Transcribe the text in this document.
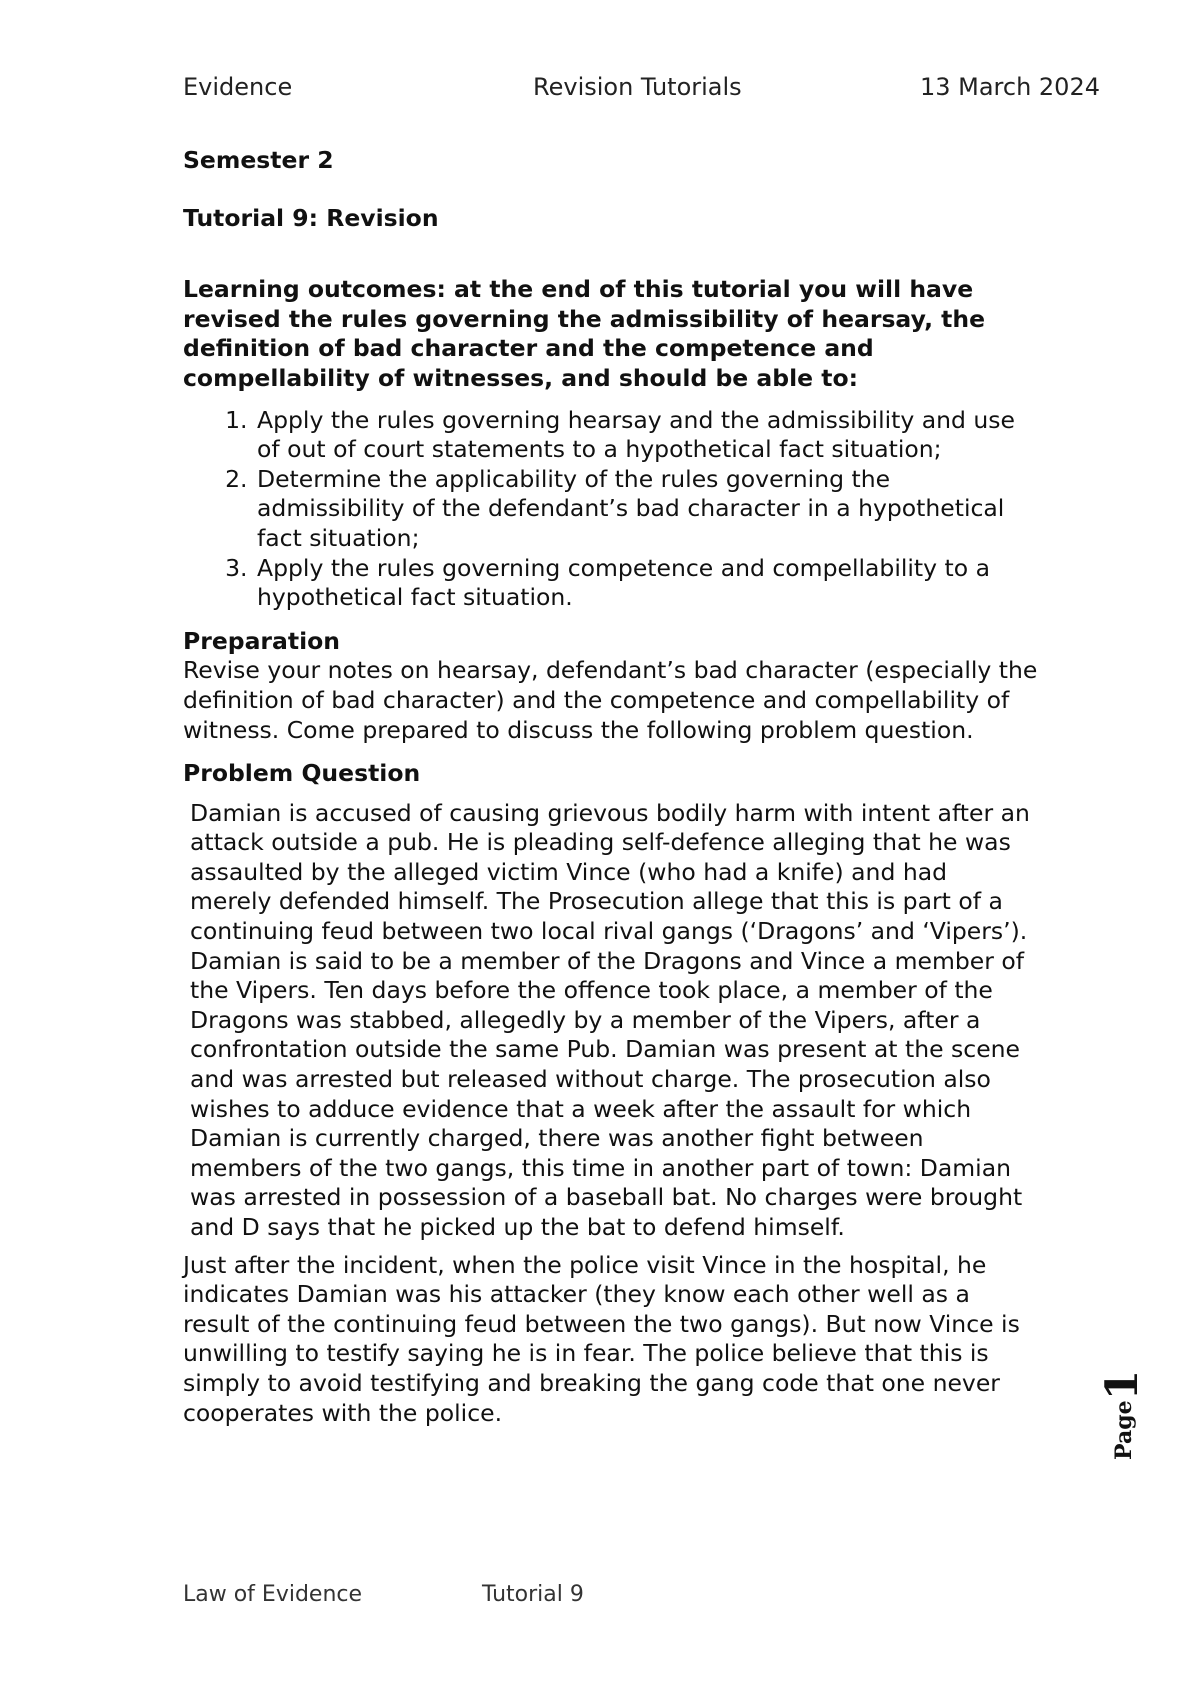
Evidence	Revision Tutorials	13 March 2024

Semester 2

Tutorial 9: Revision

Learning outcomes: at the end of this tutorial you will have revised the rules governing the admissibility of hearsay, the definition of bad character and the competence and compellability of witnesses, and should be able to:

1. Apply the rules governing hearsay and the admissibility and use of out of court statements to a hypothetical fact situation;
2. Determine the applicability of the rules governing the admissibility of the defendant’s bad character in a hypothetical fact situation;
3. Apply the rules governing competence and compellability to a hypothetical fact situation.

Preparation

Revise your notes on hearsay, defendant’s bad character (especially the definition of bad character) and the competence and compellability of witness. Come prepared to discuss the following problem question.

Problem Question

Damian is accused of causing grievous bodily harm with intent after an attack outside a pub. He is pleading self-defence alleging that he was assaulted by the alleged victim Vince (who had a knife) and had merely defended himself. The Prosecution allege that this is part of a continuing feud between two local rival gangs (‘Dragons’ and ‘Vipers’). Damian is said to be a member of the Dragons and Vince a member of the Vipers. Ten days before the offence took place, a member of the Dragons was stabbed, allegedly by a member of the Vipers, after a confrontation outside the same Pub. Damian was present at the scene and was arrested but released without charge. The prosecution also wishes to adduce evidence that a week after the assault for which Damian is currently charged, there was another fight between members of the two gangs, this time in another part of town: Damian was arrested in possession of a baseball bat. No charges were brought and D says that he picked up the bat to defend himself.

Just after the incident, when the police visit Vince in the hospital, he indicates Damian was his attacker (they know each other well as a result of the continuing feud between the two gangs). But now Vince is unwilling to testify saying he is in fear. The police believe that this is simply to avoid testifying and breaking the gang code that one never cooperates with the police.	Page1
Law of Evidence	Tutorial 9
